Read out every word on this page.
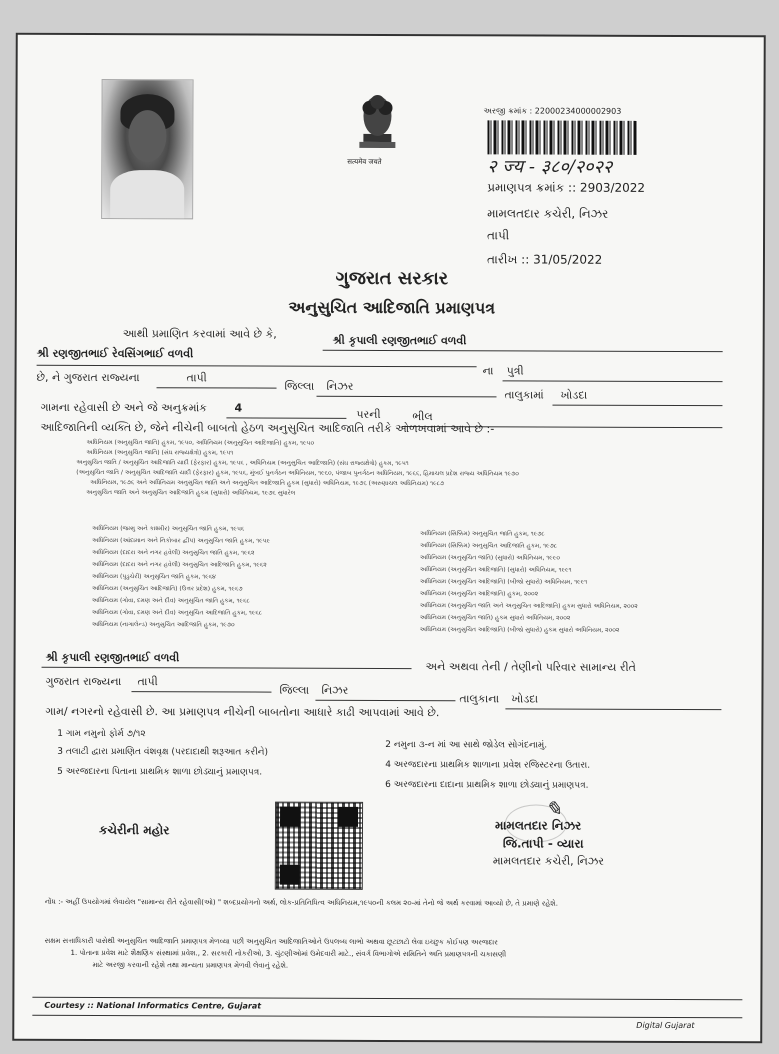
सत्यमेव जयते
અરજી ક્રમાંક : 22000234000002903
२ ज्य - ३८०/२०२२
પ્રમાણપત્ર ક્રમાંક :: 2903/2022
મામલતદાર કચેરી, નિઝર
તાપી
તારીખ :: 31/05/2022
ગુજરાત સરકાર
અનુસુચિત આદિજાતિ પ્રમાણપત્ર
આથી પ્રમાણિત કરવામાં આવે છે કે,	શ્રી કૃપાલી રણજીતભાઈ વળવી
શ્રી રણજીતભાઈ રેવસિંગભાઈ વળવી
ના પુત્રી
છે, ને ગુજરાત રાજ્યના	તાપી
જિલ્લા નિઝર
તાલુકામાં ખોડદા
ગામના રહેવાસી છે અને જે અનુક્રમાંક 4	પરની	ભીલ
આદિજાતિની વ્યક્તિ છે, જેને નીચેની બાબતો હેઠળ અનુસુચિત આદિજાતિ તરીકે ઓળખવામાં આવે છે :-
અધિનિયમ (અનુસુચિત જાતિ) હુકમ, ૧૯૫૦, અધિનિયમ (અનુસુચિત આદિજાતિ) હુકમ, ૧૯૫૦
અધિનિયમ (અનુસુચિત જાતિ) (સંઘ રાજ્યક્ષેત્રો) હુકમ, ૧૯૫૧
અનુસુચિત જાતિ / અનુસુચિત આદિજાતિ યાદી (ફેરફાર) હુકમ, ૧૯૫૬ , અધિનિયમ (અનુસુચિત આદિજાતિ) (સંઘ રાજ્યક્ષેત્રો) હુકમ, ૧૯૫૧
(અનુસુચિત જાતિ / અનુસુચિત આદિજાતિ યાદી (ફેરફાર) હુકમ, ૧૯૫૬, મુંબઈ પુનર્ગઠન અધિનિયમ, ૧૯૬૦, પંજાબ પુનર્ગઠન અધિનિયમ, ૧૯૬૬, હિમાચલ પ્રદેશ રાજ્ય અધિનિયમ ૧૯૭૦
અધિનિયમ, ૧૯૭૬ અને અધિનિયમ અનુસુચિત જાતિ અને અનુસુચિત આદિજાતિ હુકમ (સુધારો) અધિનિયમ, ૧૯૭૬ (અરુણાચલ અધિનિયમ) ૧૯૮૭
અનુસુચિત જાતિ અને અનુસુચિત આદિજાતિ હુકમ (સુધારો) અધિનિયમ, ૧૯૭૬ સુધારેલ
અધિનિયમ (જમ્મુ અને કાશ્મીર) અનુસુચિત જાતિ હુકમ, ૧૯૫૬
અધિનિયમ (આંદામાન અને નિકોબાર દ્વીપ) અનુસુચિત જાતિ હુકમ, ૧૯૫૯
અધિનિયમ (દાદરા અને નગર હવેલી) અનુસુચિત જાતિ હુકમ, ૧૯૬૨
અધિનિયમ (દાદરા અને નગર હવેલી) અનુસુચિત આદિજાતિ હુકમ, ૧૯૬૨
અધિનિયમ (પુડુચેરી) અનુસુચિત જાતિ હુકમ, ૧૯૬૪
અધિનિયમ (અનુસુચિત આદિજાતિ) (ઉત્તર પ્રદેશ) હુકમ, ૧૯૬૭
અધિનિયમ (ગોવા, દમણ અને દીવ) અનુસુચિત જાતિ હુકમ, ૧૯૬૮
અધિનિયમ (ગોવા, દમણ અને દીવ) અનુસુચિત આદિજાતિ હુકમ, ૧૯૬૮
અધિનિયમ (નાગાલેન્ડ) અનુસુચિત આદિજાતિ હુકમ, ૧૯૭૦
અધિનિયમ (સિક્કિમ) અનુસુચિત જાતિ હુકમ, ૧૯૭૮
અધિનિયમ (સિક્કિમ) અનુસુચિત આદિજાતિ હુકમ, ૧૯૭૮
અધિનિયમ (અનુસુચિત જાતિ) (સુધારો) અધિનિયમ, ૧૯૯૦
અધિનિયમ (અનુસુચિત આદિજાતિ) (સુધારો) અધિનિયમ, ૧૯૯૧
અધિનિયમ (અનુસુચિત આદિજાતિ) (બીજો સુધારો) અધિનિયમ, ૧૯૯૧
અધિનિયમ (અનુસુચિત આદિજાતિ) હુકમ, ૨૦૦૨
અધિનિયમ (અનુસુચિત જાતિ અને અનુસુચિત આદિજાતિ) હુકમ સુધારો અધિનિયમ, ૨૦૦૨
અધિનિયમ (અનુસુચિત જાતિ) હુકમ સુધારો અધિનિયમ, ૨૦૦૨
અધિનિયમ (અનુસુચિત આદિજાતિ) (બીજો સુધારો) હુકમ સુધારો અધિનિયમ, ૨૦૦૨
શ્રી કૃપાલી રણજીતભાઈ વળવી
અને અથવા તેની / તેણીનો પરિવાર સામાન્ય રીતે
ગુજરાત રાજ્યના તાપી
જિલ્લા નિઝર
તાલુકાના ખોડદા
ગામ/ નગરનો રહેવાસી છે. આ પ્રમાણપત્ર નીચેની બાબતોના આધારે કાઢી આપવામાં આવે છે.
1 ગામ નમુનો ફોર્મ ૭/૧૨
2 નમુના ૩-ન માં આ સાથે જોડેલ સોગંદનામું.
3 તલાટી દ્વારા પ્રમાણિત વંશવૃક્ષ (પરદાદાથી શરૂઆત કરીને)
4 અરજદારના પ્રાથમિક શાળાના પ્રવેશ રજિસ્ટરના ઉતારા.
5 અરજદારના પિતાના પ્રાથમિક શાળા છોડ્યાનું પ્રમાણપત્ર.
6 અરજદારના દાદાના પ્રાથમિક શાળા છોડ્યાનું પ્રમાણપત્ર.
કચેરીની મહોર
✎
મામલતદાર નિઝર
જિ.તાપી - વ્યારા
મામલતદાર કચેરી, નિઝર
નોંધ :- અહીં ઉપયોગમાં લેવાયેલ "સામાન્ય રીતે રહેવાસી(ઓ) " શબ્દપ્રયોગનો અર્થ, લોક-પ્રતિનિધિત્વ અધિનિયમ,૧૯૫૦ની કલમ ૨૦-માં તેનો જે અર્થ કરવામાં આવ્યો છે, તે પ્રમાણે રહેશે.
સક્ષમ સત્તાધિકારી પાસેથી અનુસુચિત આદિજાતિ પ્રમાણપત્ર મેળવ્યા પછી અનુસુચિત આદિજાતિઓને ઉપલબ્ધ લાભો અથવા છૂટછાટો લેવા ઇચ્છુક કોઈપણ અરજદાર
1. પોતાના પ્રવેશ માટે શૈક્ષણિક સંસ્થામાં પ્રવેશ., 2. સરકારી નોકરીઓ, 3. ચુંટણીઓમાં ઉમેદવારી માટે., સંવર્ગ વિભાગોએ સમિતિને અતિ પ્રમાણપત્રની ચકાસણી
માટે અરજી કરવાની રહેશે તથા માન્યતા પ્રમાણપત્ર મેળવી લેવાનું રહેશે.
Courtesy :: National Informatics Centre, Gujarat
Digital Gujarat
